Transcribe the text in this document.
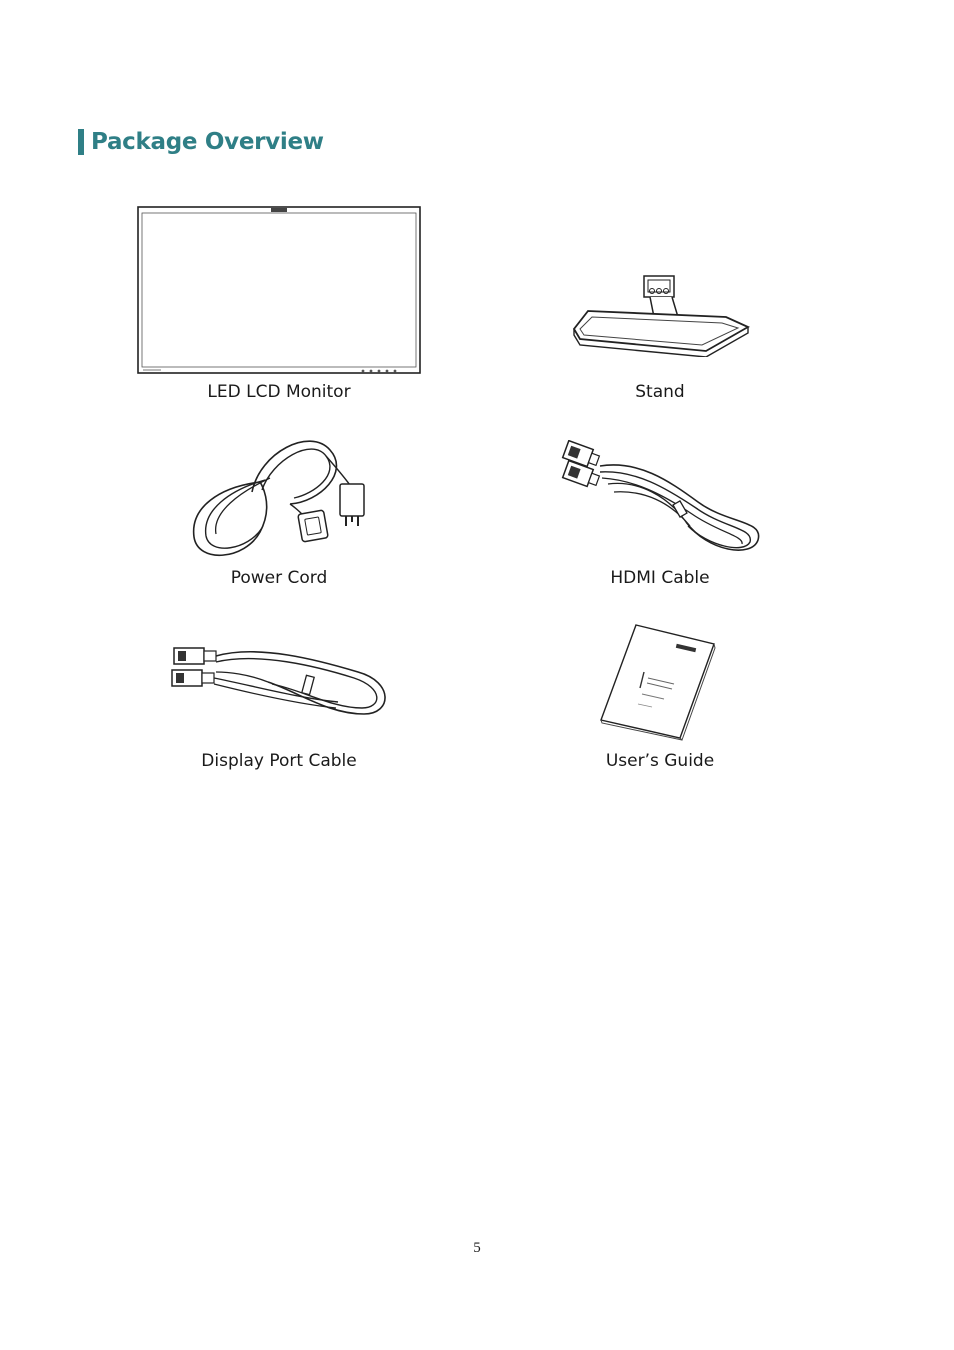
Package Overview
LED LCD Monitor	Stand
Power Cord	HDMI Cable
Display Port Cable	User’s Guide
5
